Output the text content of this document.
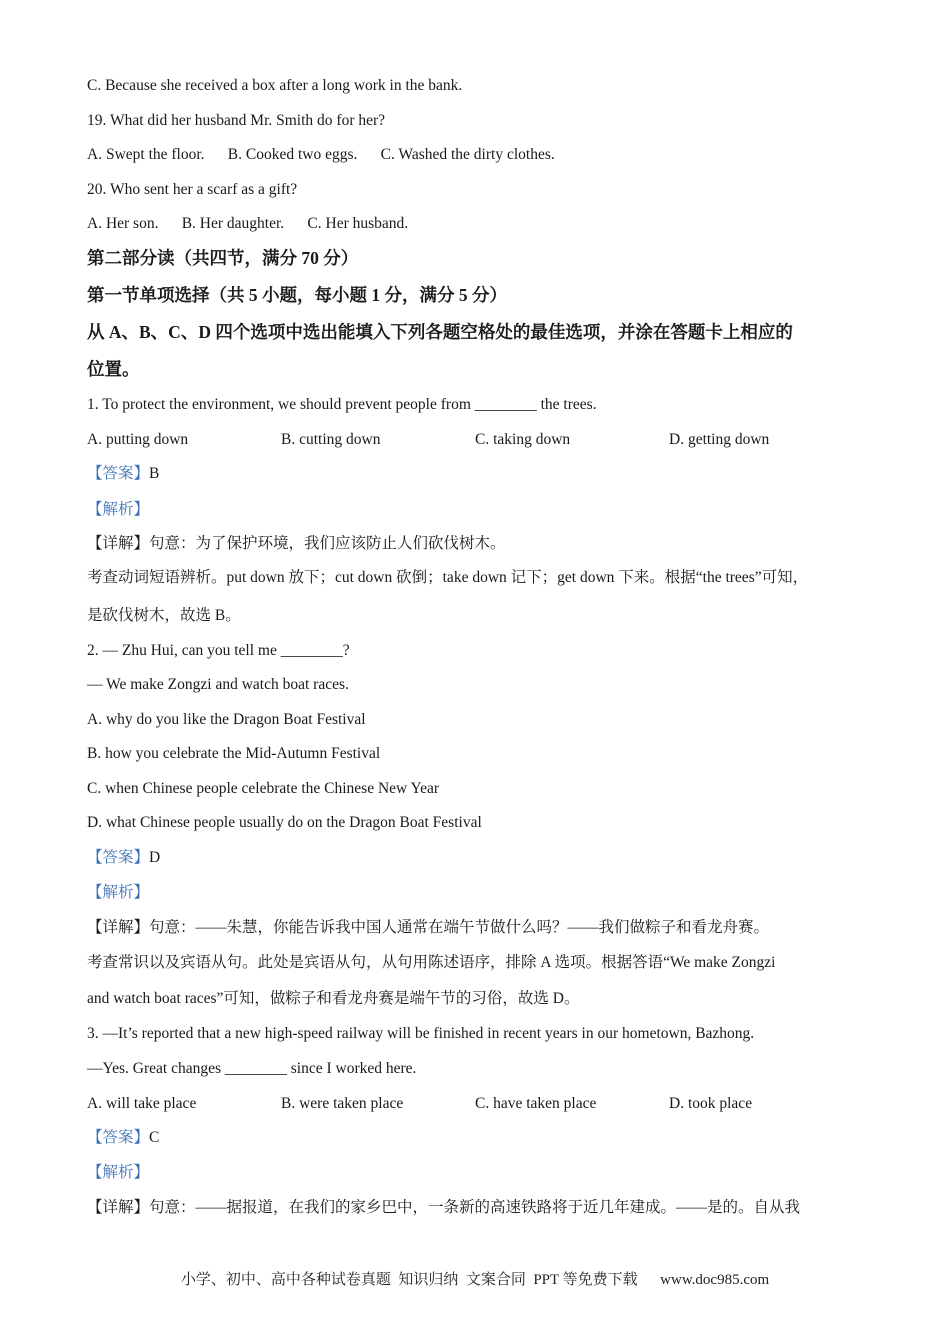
C. Because she received a box after a long work in the bank.
19. What did her husband Mr. Smith do for her?
A. Swept the floor.      B. Cooked two eggs.      C. Washed the dirty clothes.
20. Who sent her a scarf as a gift?
A. Her son.      B. Her daughter.      C. Her husband.
第二部分读（共四节，满分 70 分）
第一节单项选择（共 5 小题，每小题 1 分，满分 5 分）
从 A、B、C、D 四个选项中选出能填入下列各题空格处的最佳选项，并涂在答题卡上相应的
位置。
1. To protect the environment, we should prevent people from ________ the trees.
A. putting down	B. cutting down	C. taking down	D. getting down
【答案】B
【解析】
【详解】句意：为了保护环境，我们应该防止人们砍伐树木。
考查动词短语辨析。put down 放下；cut down 砍倒；take down 记下；get down 下来。根据“the trees”可知，
是砍伐树木，故选 B。
2. — Zhu Hui, can you tell me ________?
— We make Zongzi and watch boat races.
A. why do you like the Dragon Boat Festival
B. how you celebrate the Mid-Autumn Festival
C. when Chinese people celebrate the Chinese New Year
D. what Chinese people usually do on the Dragon Boat Festival
【答案】D
【解析】
【详解】句意：——朱慧，你能告诉我中国人通常在端午节做什么吗？——我们做粽子和看龙舟赛。
考查常识以及宾语从句。此处是宾语从句，从句用陈述语序，排除 A 选项。根据答语“We make Zongzi
and watch boat races”可知，做粽子和看龙舟赛是端午节的习俗，故选 D。
3. —It’s reported that a new high-speed railway will be finished in recent years in our hometown, Bazhong.
—Yes. Great changes ________ since I worked here.
A. will take place	B. were taken place	C. have taken place	D. took place
【答案】C
【解析】
【详解】句意：——据报道，在我们的家乡巴中，一条新的高速铁路将于近几年建成。——是的。自从我
小学、初中、高中各种试卷真题  知识归纳  文案合同  PPT 等免费下载      www.doc985.com
